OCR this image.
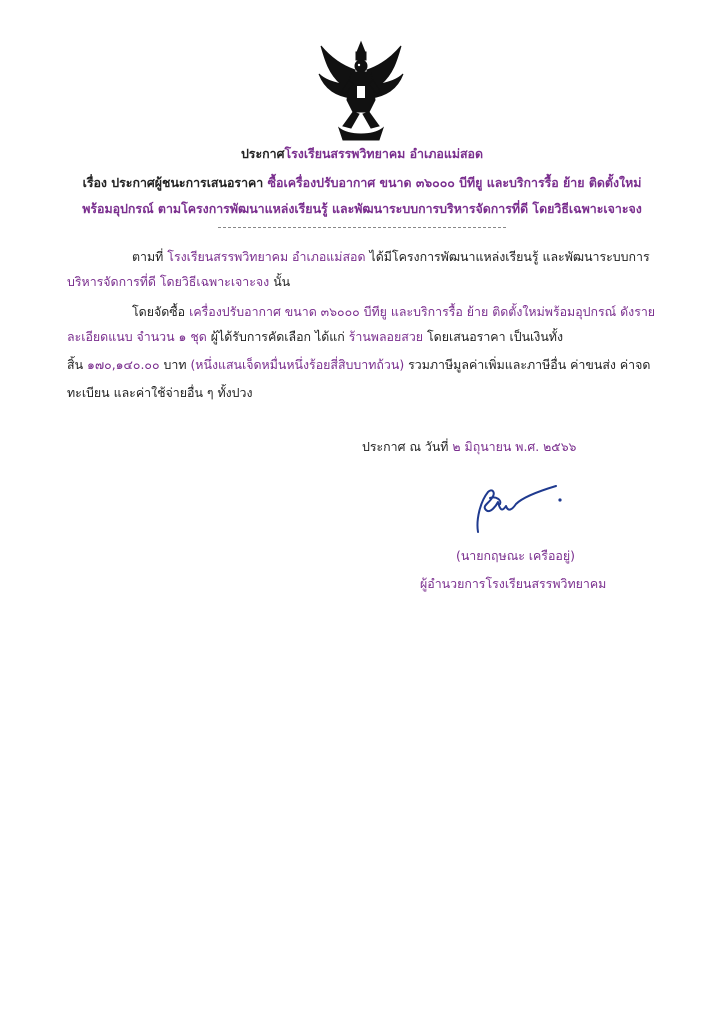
ประกาศโรงเรียนสรรพวิทยาคม อำเภอแม่สอด
เรื่อง ประกาศผู้ชนะการเสนอราคา ซื้อเครื่องปรับอากาศ ขนาด ๓๖๐๐๐ บีทียู และบริการรื้อ ย้าย ติดตั้งใหม่
พร้อมอุปกรณ์ ตามโครงการพัฒนาแหล่งเรียนรู้ และพัฒนาระบบการบริหารจัดการที่ดี โดยวิธีเฉพาะเจาะจง
ตามที่ โรงเรียนสรรพวิทยาคม อำเภอแม่สอด ได้มีโครงการพัฒนาแหล่งเรียนรู้ และพัฒนาระบบการ
บริหารจัดการที่ดี โดยวิธีเฉพาะเจาะจง นั้น
โดยจัดซื้อ เครื่องปรับอากาศ ขนาด ๓๖๐๐๐ บีทียู และบริการรื้อ ย้าย ติดตั้งใหม่พร้อมอุปกรณ์ ดังราย
ละเอียดแนบ จำนวน ๑ ชุด ผู้ได้รับการคัดเลือก ได้แก่ ร้านพลอยสวย โดยเสนอราคา เป็นเงินทั้ง
สิ้น ๑๗๐,๑๔๐.๐๐ บาท (หนึ่งแสนเจ็ดหมื่นหนึ่งร้อยสี่สิบบาทถ้วน) รวมภาษีมูลค่าเพิ่มและภาษีอื่น ค่าขนส่ง ค่าจด
ทะเบียน และค่าใช้จ่ายอื่น ๆ ทั้งปวง
ประกาศ ณ วันที่ ๒ มิถุนายน พ.ศ. ๒๕๖๖
(นายกฤษณะ เครืออยู่)
ผู้อำนวยการโรงเรียนสรรพวิทยาคม
